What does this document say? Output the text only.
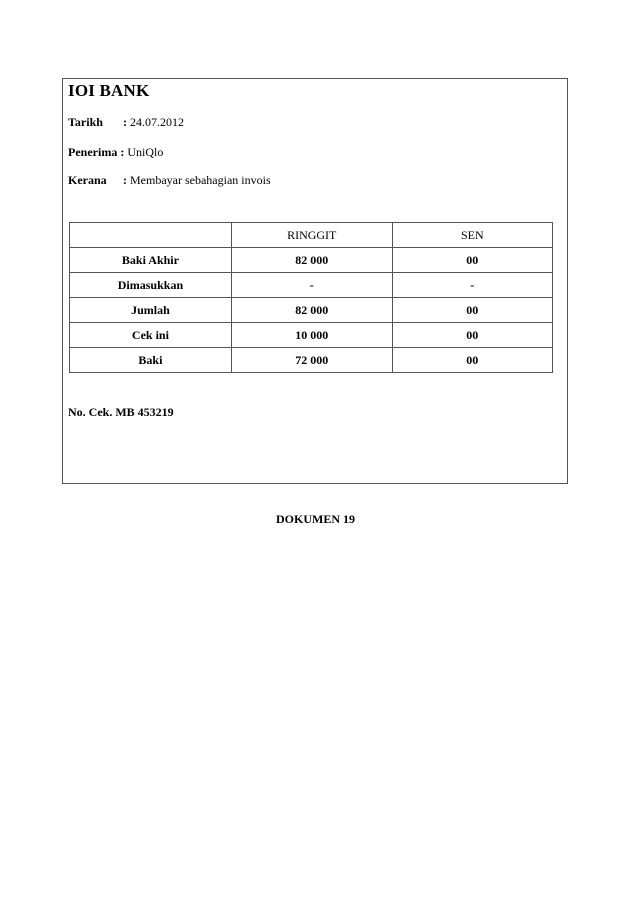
IOI BANK
Tarikh : 24.07.2012
Penerima : UniQlo
Kerana : Membayar sebahagian invois
	RINGGIT	SEN
Baki Akhir	82 000	00
Dimasukkan	-	-
Jumlah	82 000	00
Cek ini	10 000	00
Baki	72 000	00
No. Cek. MB 453219
DOKUMEN 19
